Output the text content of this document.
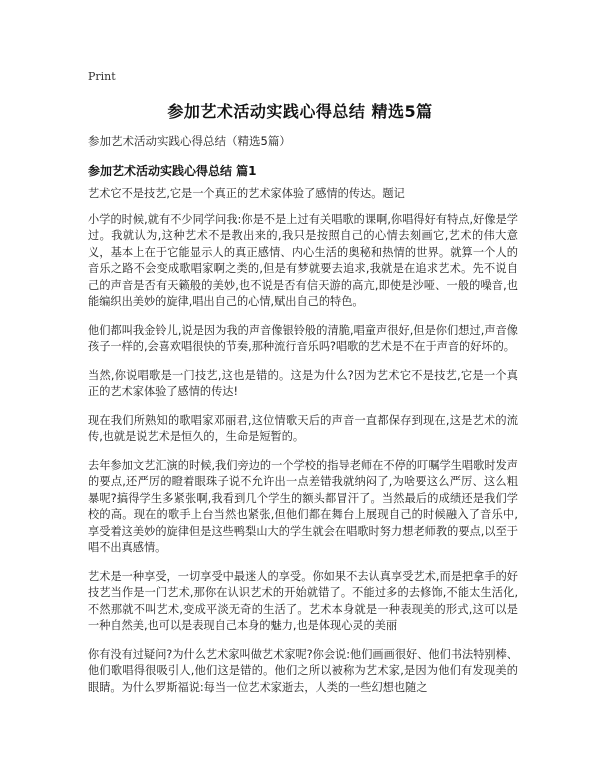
Print
参加艺术活动实践心得总结 精选5篇
参加艺术活动实践心得总结（精选5篇）
参加艺术活动实践心得总结 篇1

艺术它不是技艺,它是一个真正的艺术家体验了感情的传达。题记

小学的时候,就有不少同学问我:你是不是上过有关唱歌的课啊,你唱得好有特点,好像是学过。我就认为,这种艺术不是教出来的,我只是按照自己的心情去刻画它,艺术的伟大意义，基本上在于它能显示人的真正感情、内心生活的奥秘和热情的世界。就算一个人的音乐之路不会变成歌唱家啊之类的,但是有梦就要去追求,我就是在追求艺术。先不说自己的声音是否有天籁般的美妙,也不说是否有信天游的高亢,即使是沙哑、一般的噪音,也能编织出美妙的旋律,唱出自己的心情,赋出自己的特色。

他们都叫我金铃儿,说是因为我的声音像银铃般的清脆,唱童声很好,但是你们想过,声音像孩子一样的,会喜欢唱很快的节奏,那种流行音乐吗?唱歌的艺术是不在于声音的好坏的。

当然,你说唱歌是一门技艺,这也是错的。这是为什么?因为艺术它不是技艺,它是一个真正的艺术家体验了感情的传达!

现在我们所熟知的歌唱家邓丽君,这位情歌天后的声音一直都保存到现在,这是艺术的流传,也就是说艺术是恒久的，生命是短暂的。

去年参加文艺汇演的时候,我们旁边的一个学校的指导老师在不停的叮嘱学生唱歌时发声的要点,还严厉的瞪着眼珠子说不允许出一点差错我就纳闷了,为啥要这么严厉、这么粗暴呢?搞得学生多紧张啊,我看到几个学生的额头都冒汗了。当然最后的成绩还是我们学校的高。现在的歌手上台当然也紧张,但他们都在舞台上展现自己的时候融入了音乐中,享受着这美妙的旋律但是这些鸭梨山大的学生就会在唱歌时努力想老师教的要点,以至于唱不出真感情。

艺术是一种享受，一切享受中最迷人的享受。你如果不去认真享受艺术,而是把拿手的好技艺当作是一门艺术,那你在认识艺术的开始就错了。不能过多的去修饰,不能太生活化,不然那就不叫艺术,变成平淡无奇的生活了。艺术本身就是一种表现美的形式,这可以是一种自然美,也可以是表现自己本身的魅力,也是体现心灵的美丽

你有没有过疑问?为什么艺术家叫做艺术家呢?你会说:他们画画很好、他们书法特别棒、他们歌唱得很吸引人,他们这是错的。他们之所以被称为艺术家,是因为他们有发现美的眼睛。为什么罗斯福说:每当一位艺术家逝去，人类的一些幻想也随之
